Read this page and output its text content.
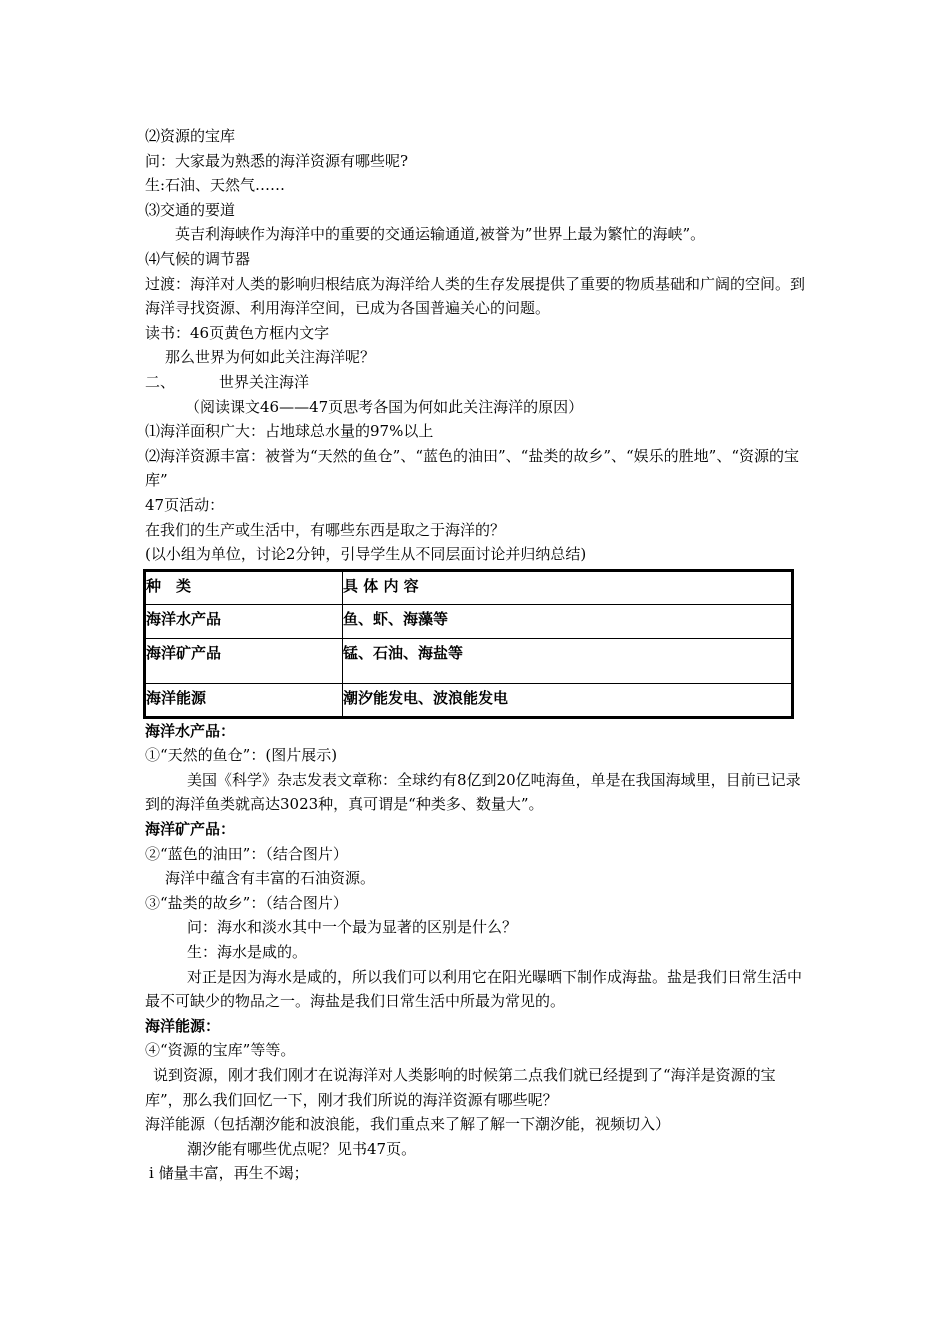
⑵资源的宝库
问：大家最为熟悉的海洋资源有哪些呢?
生:石油、天然气……
⑶交通的要道
英吉利海峡作为海洋中的重要的交通运输通道,被誉为”世界上最为繁忙的海峡”。
⑷气候的调节器
过渡：海洋对人类的影响归根结底为海洋给人类的生存发展提供了重要的物质基础和广阔的空间。到海洋寻找资源、利用海洋空间，已成为各国普遍关心的问题。
读书：46页黄色方框内文字
那么世界为何如此关注海洋呢？
二、	世界关注海洋
（阅读课文46——47页思考各国为何如此关注海洋的原因）
⑴海洋面积广大：占地球总水量的97%以上
⑵海洋资源丰富：被誉为“天然的鱼仓”、“蓝色的油田”、“盐类的故乡”、“娱乐的胜地”、“资源的宝库”
47页活动：
在我们的生产或生活中，有哪些东西是取之于海洋的？
(以小组为单位，讨论2分钟，引导学生从不同层面讨论并归纳总结)
种　类	具 体 内 容
海洋水产品	鱼、虾、海藻等
海洋矿产品	锰、石油、海盐等
海洋能源	潮汐能发电、波浪能发电
海洋水产品：
①“天然的鱼仓”：(图片展示)
美国《科学》杂志发表文章称：全球约有8亿到20亿吨海鱼，单是在我国海域里，目前已记录到的海洋鱼类就高达3023种，真可谓是“种类多、数量大”。
海洋矿产品：
②“蓝色的油田”：（结合图片）
海洋中蕴含有丰富的石油资源。
③“盐类的故乡”：（结合图片）
问：海水和淡水其中一个最为显著的区别是什么？
生：海水是咸的。
对正是因为海水是咸的，所以我们可以利用它在阳光曝晒下制作成海盐。盐是我们日常生活中最不可缺少的物品之一。海盐是我们日常生活中所最为常见的。
海洋能源：
④“资源的宝库”等等。
说到资源，刚才我们刚才在说海洋对人类影响的时候第二点我们就已经提到了“海洋是资源的宝库”，那么我们回忆一下，刚才我们所说的海洋资源有哪些呢？
海洋能源（包括潮汐能和波浪能，我们重点来了解了解一下潮汐能，视频切入）
潮汐能有哪些优点呢？见书47页。
ⅰ 储量丰富，再生不竭；
